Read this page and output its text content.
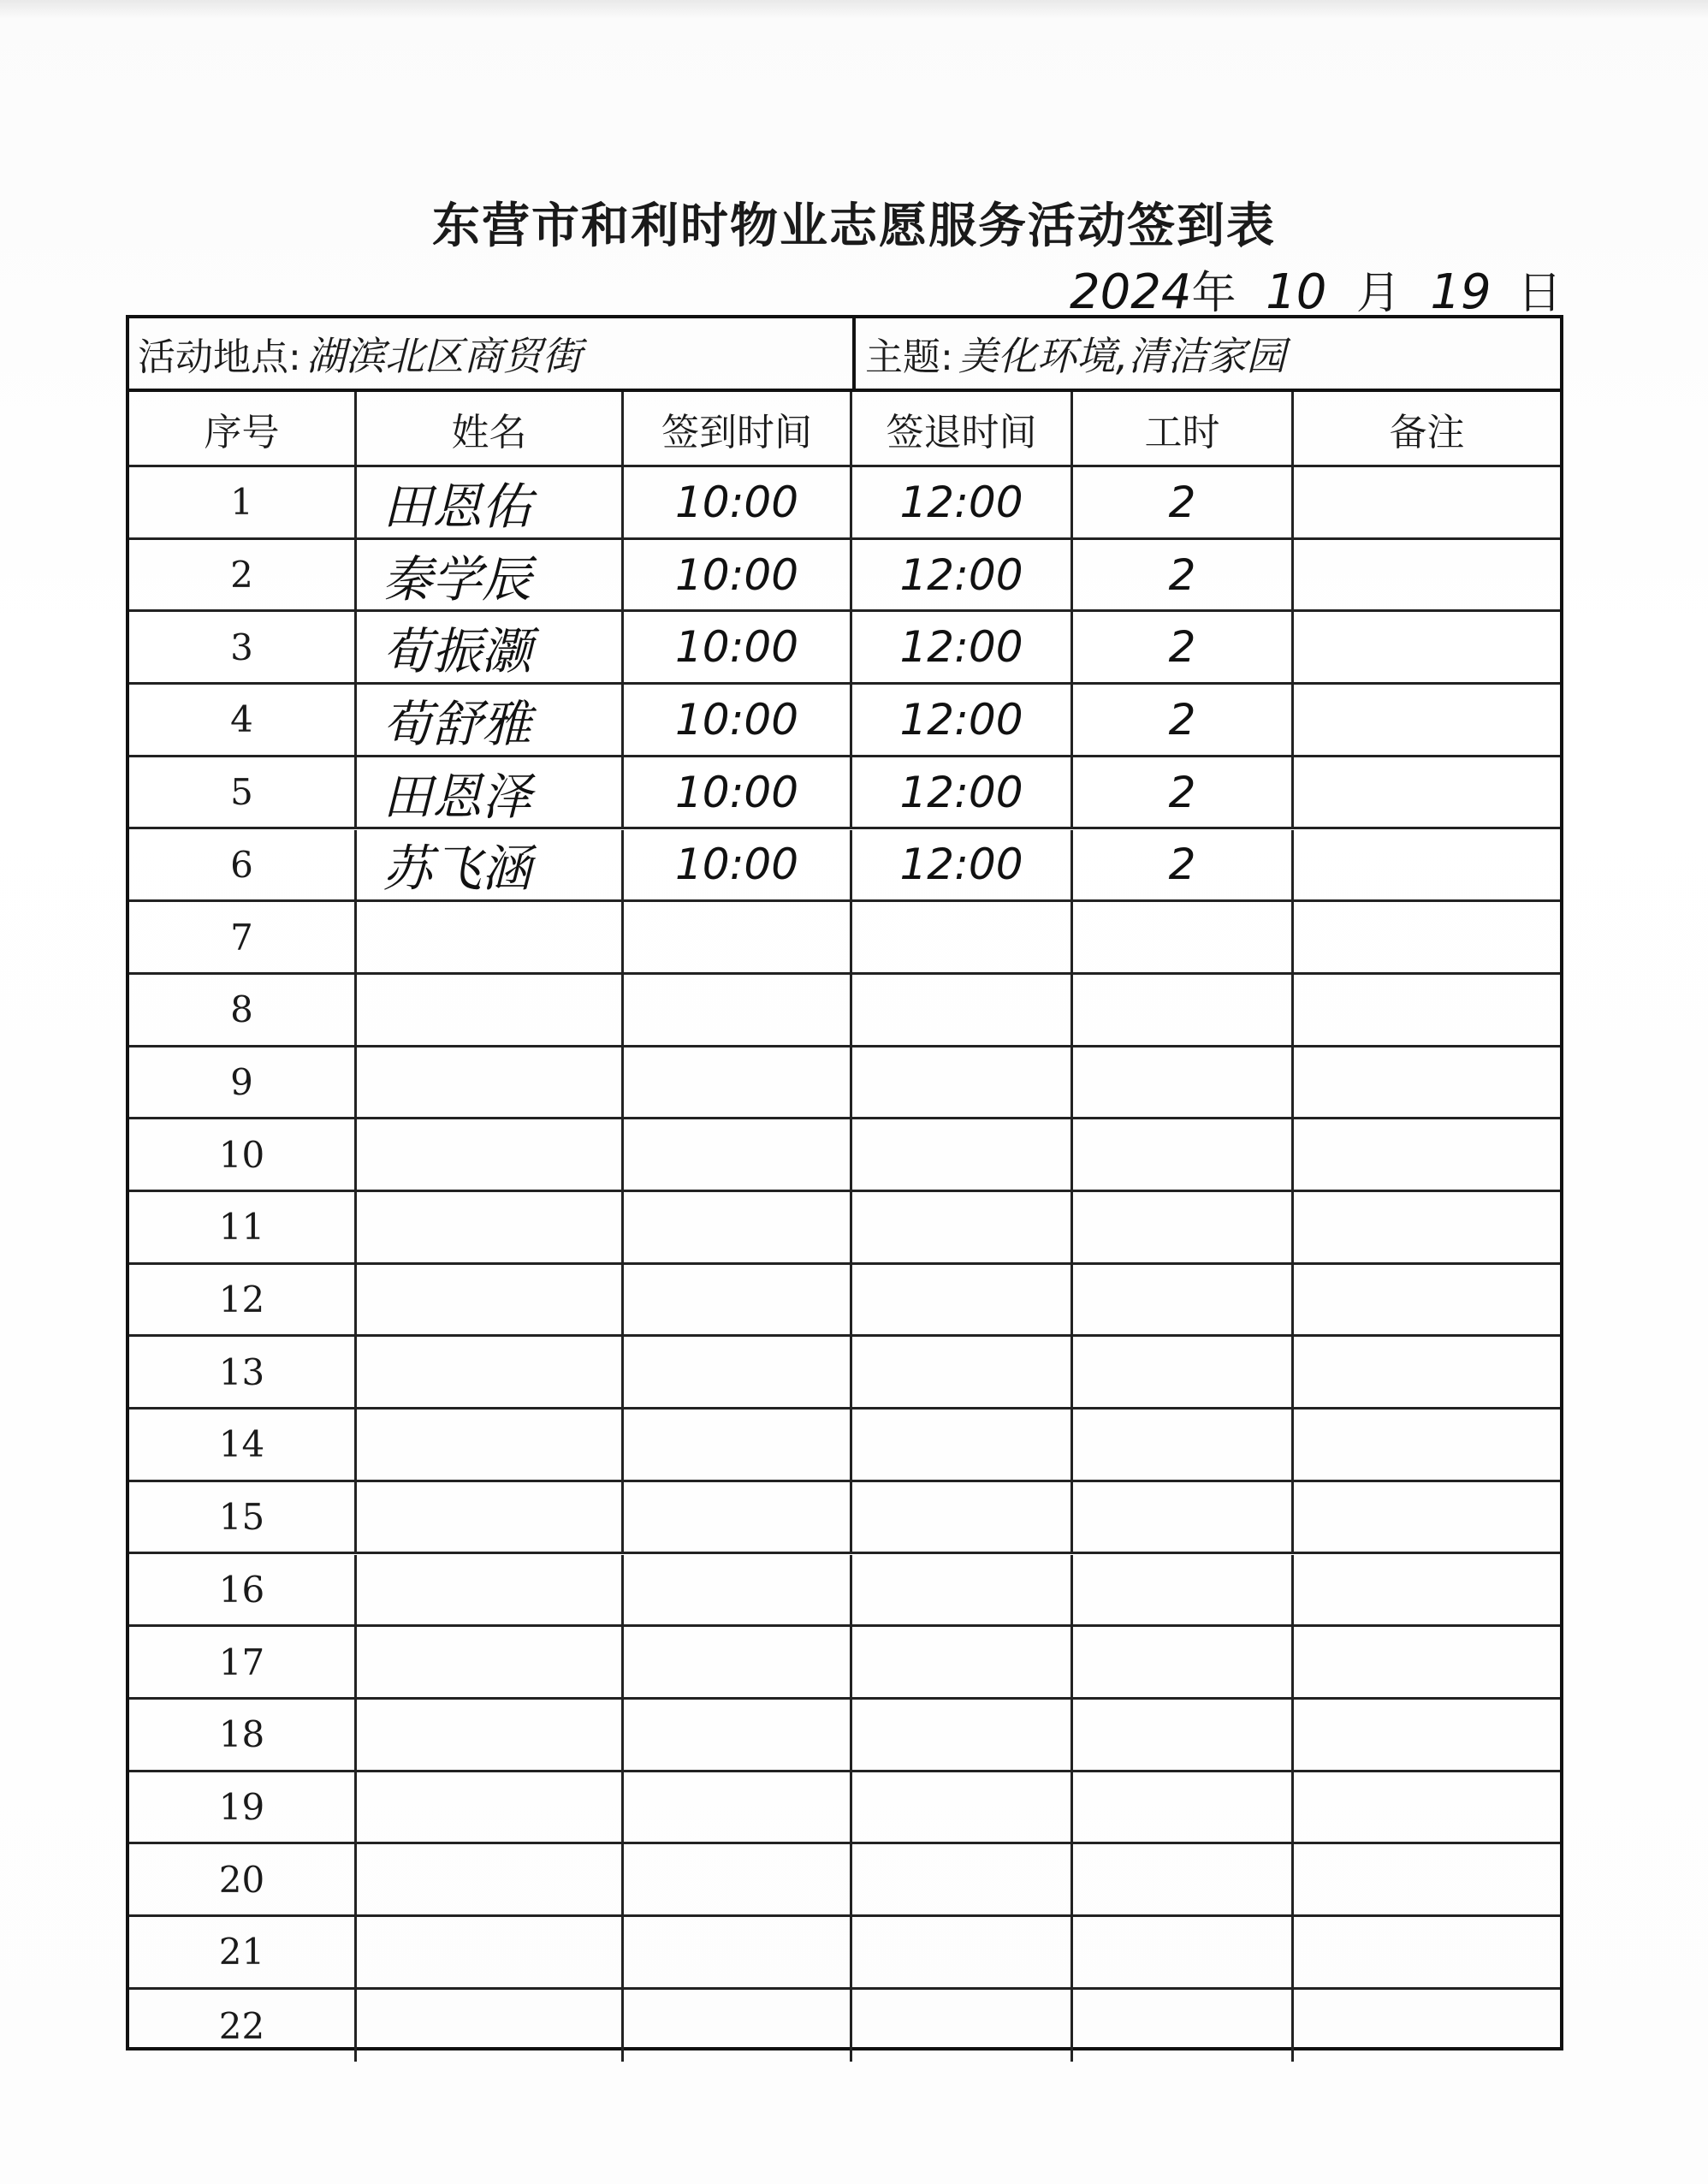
东营市和利时物业志愿服务活动签到表
2024年 10 月 19 日
活动地点: 湖滨北区商贸街	主题: 美化环境,清洁家园
序号	姓名	签到时间	签退时间	工时	备注
1	田恩佑	10:00	12:00	2
2	秦学辰	10:00	12:00	2
3	荀振灏	10:00	12:00	2
4	荀舒雅	10:00	12:00	2
5	田恩泽	10:00	12:00	2
6	苏飞涵	10:00	12:00	2
7
8
9
10
11
12
13
14
15
16
17
18
19
20
21
22
